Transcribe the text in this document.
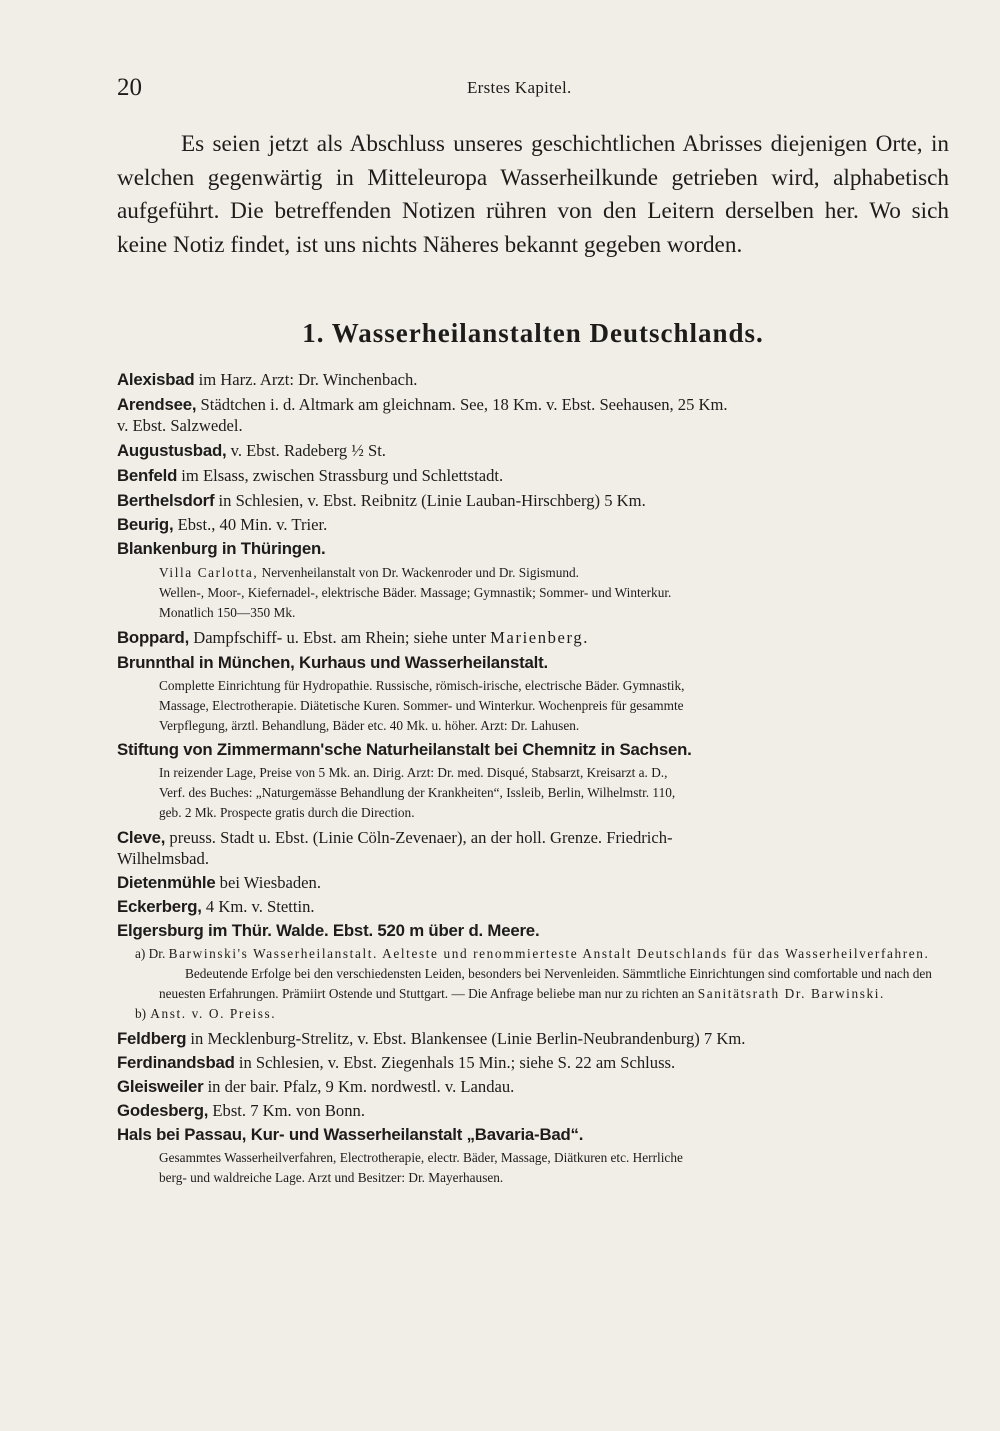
20	Erstes Kapitel.

Es seien jetzt als Abschluss unseres geschichtlichen Abrisses diejenigen Orte, in welchen gegenwärtig in Mitteleuropa Wasserheilkunde getrieben wird, alphabetisch aufgeführt. Die betreffenden Notizen rühren von den Leitern derselben her. Wo sich keine Notiz findet, ist uns nichts Näheres bekannt gegeben worden.

1. Wasserheilanstalten Deutschlands.

Alexisbad im Harz. Arzt: Dr. Winchenbach.

Arendsee, Städtchen i. d. Altmark am gleichnam. See, 18 Km. v. Ebst. Seehausen, 25 Km.

v. Ebst. Salzwedel.

Augustusbad, v. Ebst. Radeberg ½ St.

Benfeld im Elsass, zwischen Strassburg und Schlettstadt.

Berthelsdorf in Schlesien, v. Ebst. Reibnitz (Linie Lauban-Hirschberg) 5 Km.

Beurig, Ebst., 40 Min. v. Trier.

Blankenburg in Thüringen.

Villa Carlotta, Nervenheilanstalt von Dr. Wackenroder und Dr. Sigismund.

Wellen-, Moor-, Kiefernadel-, elektrische Bäder. Massage; Gymnastik; Sommer- und Winterkur.

Monatlich 150—350 Mk.

Boppard, Dampfschiff- u. Ebst. am Rhein; siehe unter Marienberg.

Brunnthal in München, Kurhaus und Wasserheilanstalt.

Complette Einrichtung für Hydropathie. Russische, römisch-irische, electrische Bäder. Gymnastik,

Massage, Electrotherapie. Diätetische Kuren. Sommer- und Winterkur. Wochenpreis für gesammte

Verpflegung, ärztl. Behandlung, Bäder etc. 40 Mk. u. höher. Arzt: Dr. Lahusen.

Stiftung von Zimmermann'sche Naturheilanstalt bei Chemnitz in Sachsen.

In reizender Lage, Preise von 5 Mk. an. Dirig. Arzt: Dr. med. Disqué, Stabsarzt, Kreisarzt a. D.,

Verf. des Buches: „Naturgemässe Behandlung der Krankheiten“, Issleib, Berlin, Wilhelmstr. 110,

geb. 2 Mk. Prospecte gratis durch die Direction.

Cleve, preuss. Stadt u. Ebst. (Linie Cöln-Zevenaer), an der holl. Grenze. Friedrich-

Wilhelmsbad.

Dietenmühle bei Wiesbaden.

Eckerberg, 4 Km. v. Stettin.

Elgersburg im Thür. Walde. Ebst. 520 m über d. Meere.

a) Dr. Barwinski's Wasserheilanstalt. Aelteste und renommierteste Anstalt Deutschlands für das Wasserheilverfahren.

Bedeutende Erfolge bei den verschiedensten Leiden, besonders bei Nervenleiden. Sämmtliche Einrichtungen sind comfortable und nach den neuesten Erfahrungen. Prämiirt Ostende und Stuttgart. — Die Anfrage beliebe man nur zu richten an Sanitätsrath Dr. Barwinski.

b) Anst. v. O. Preiss.

Feldberg in Mecklenburg-Strelitz, v. Ebst. Blankensee (Linie Berlin-Neubrandenburg) 7 Km.

Ferdinandsbad in Schlesien, v. Ebst. Ziegenhals 15 Min.; siehe S. 22 am Schluss.

Gleisweiler in der bair. Pfalz, 9 Km. nordwestl. v. Landau.

Godesberg, Ebst. 7 Km. von Bonn.

Hals bei Passau, Kur- und Wasserheilanstalt „Bavaria-Bad“.

Gesammtes Wasserheilverfahren, Electrotherapie, electr. Bäder, Massage, Diätkuren etc. Herrliche

berg- und waldreiche Lage. Arzt und Besitzer: Dr. Mayerhausen.
